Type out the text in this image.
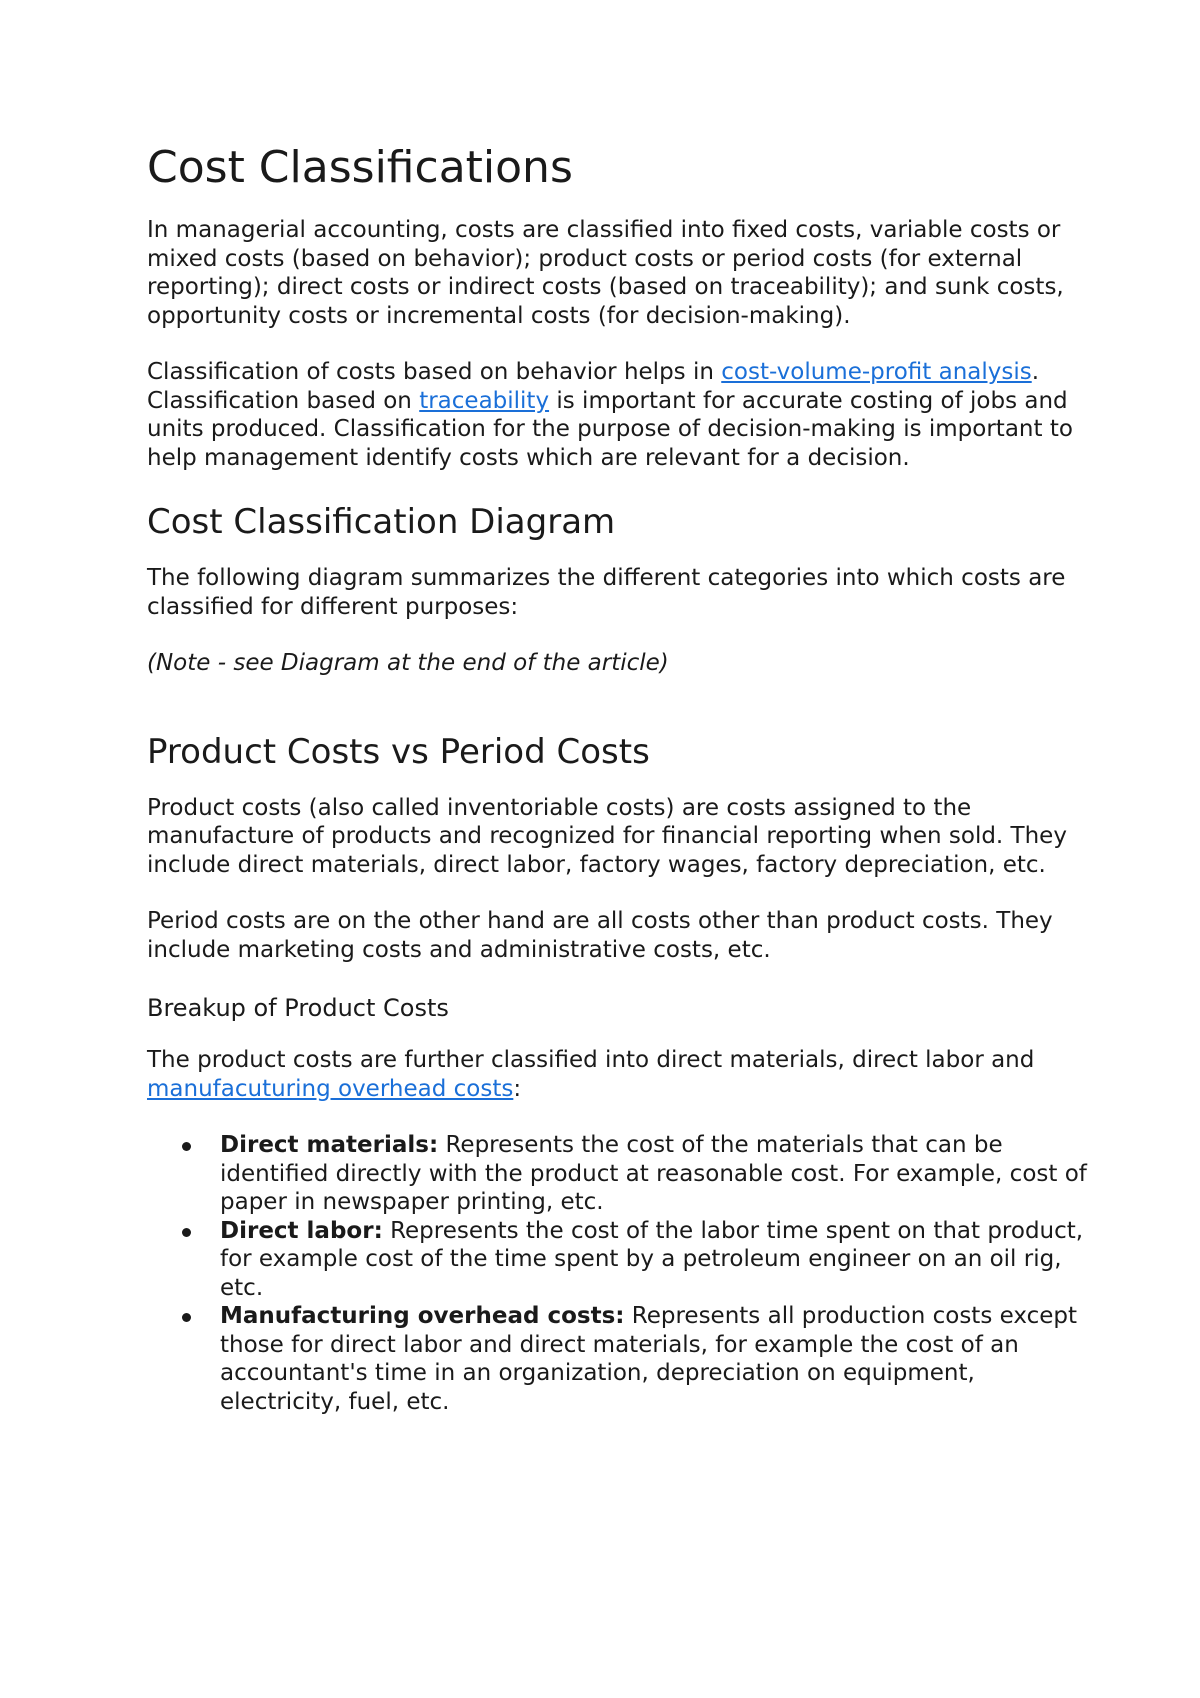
Cost Classifications

In managerial accounting, costs are classified into fixed costs, variable costs or mixed costs (based on behavior); product costs or period costs (for external reporting); direct costs or indirect costs (based on traceability); and sunk costs, opportunity costs or incremental costs (for decision-making).

Classification of costs based on behavior helps in cost-volume-profit analysis. Classification based on traceability is important for accurate costing of jobs and units produced. Classification for the purpose of decision-making is important to help management identify costs which are relevant for a decision.

Cost Classification Diagram

The following diagram summarizes the different categories into which costs are classified for different purposes:

(Note - see Diagram at the end of the article)

Product Costs vs Period Costs

Product costs (also called inventoriable costs) are costs assigned to the manufacture of products and recognized for financial reporting when sold. They include direct materials, direct labor, factory wages, factory depreciation, etc.

Period costs are on the other hand are all costs other than product costs. They include marketing costs and administrative costs, etc.

Breakup of Product Costs

The product costs are further classified into direct materials, direct labor and manufacuturing overhead costs:

Direct materials: Represents the cost of the materials that can be identified directly with the product at reasonable cost. For example, cost of paper in newspaper printing, etc.
Direct labor: Represents the cost of the labor time spent on that product, for example cost of the time spent by a petroleum engineer on an oil rig, etc.
Manufacturing overhead costs: Represents all production costs except those for direct labor and direct materials, for example the cost of an accountant's time in an organization, depreciation on equipment, electricity, fuel, etc.
